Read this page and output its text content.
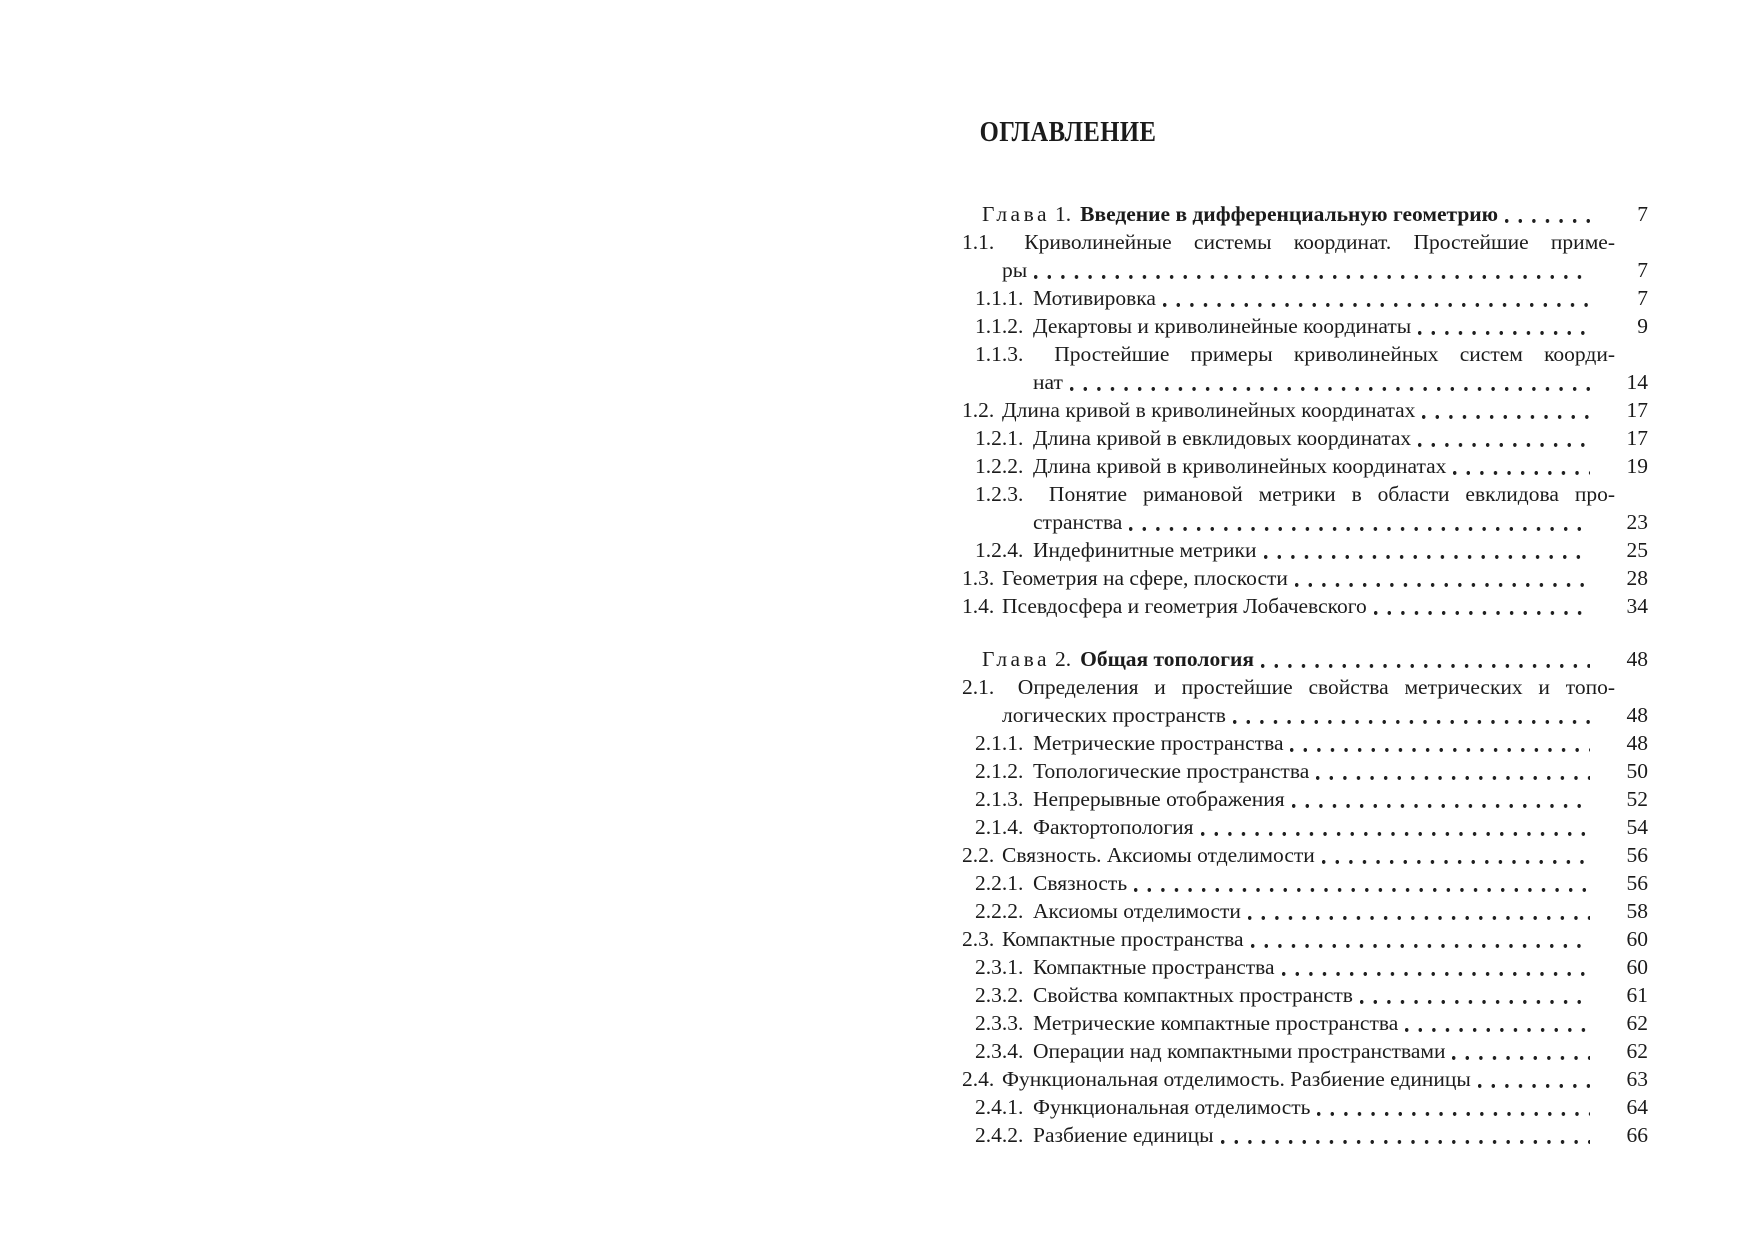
ОГЛАВЛЕНИЕ
Глава 1. Введение в дифференциальную геометрию	7
1.1. Криволинейные системы координат. Простейшие приме-
ры	7
1.1.1. Мотивировка	7
1.1.2. Декартовы и криволинейные координаты	9
1.1.3. Простейшие примеры криволинейных систем коорди-
нат	14
1.2. Длина кривой в криволинейных координатах	17
1.2.1. Длина кривой в евклидовых координатах	17
1.2.2. Длина кривой в криволинейных координатах	19
1.2.3. Понятие римановой метрики в области евклидова про-
странства	23
1.2.4. Индефинитные метрики	25
1.3. Геометрия на сфере, плоскости	28
1.4. Псевдосфера и геометрия Лобачевского	34
Глава 2. Общая топология	48
2.1. Определения и простейшие свойства метрических и топо-
логических пространств	48
2.1.1. Метрические пространства	48
2.1.2. Топологические пространства	50
2.1.3. Непрерывные отображения	52
2.1.4. Фактортопология	54
2.2. Связность. Аксиомы отделимости	56
2.2.1. Связность	56
2.2.2. Аксиомы отделимости	58
2.3. Компактные пространства	60
2.3.1. Компактные пространства	60
2.3.2. Свойства компактных пространств	61
2.3.3. Метрические компактные пространства	62
2.3.4. Операции над компактными пространствами	62
2.4. Функциональная отделимость. Разбиение единицы	63
2.4.1. Функциональная отделимость	64
2.4.2. Разбиение единицы	66
